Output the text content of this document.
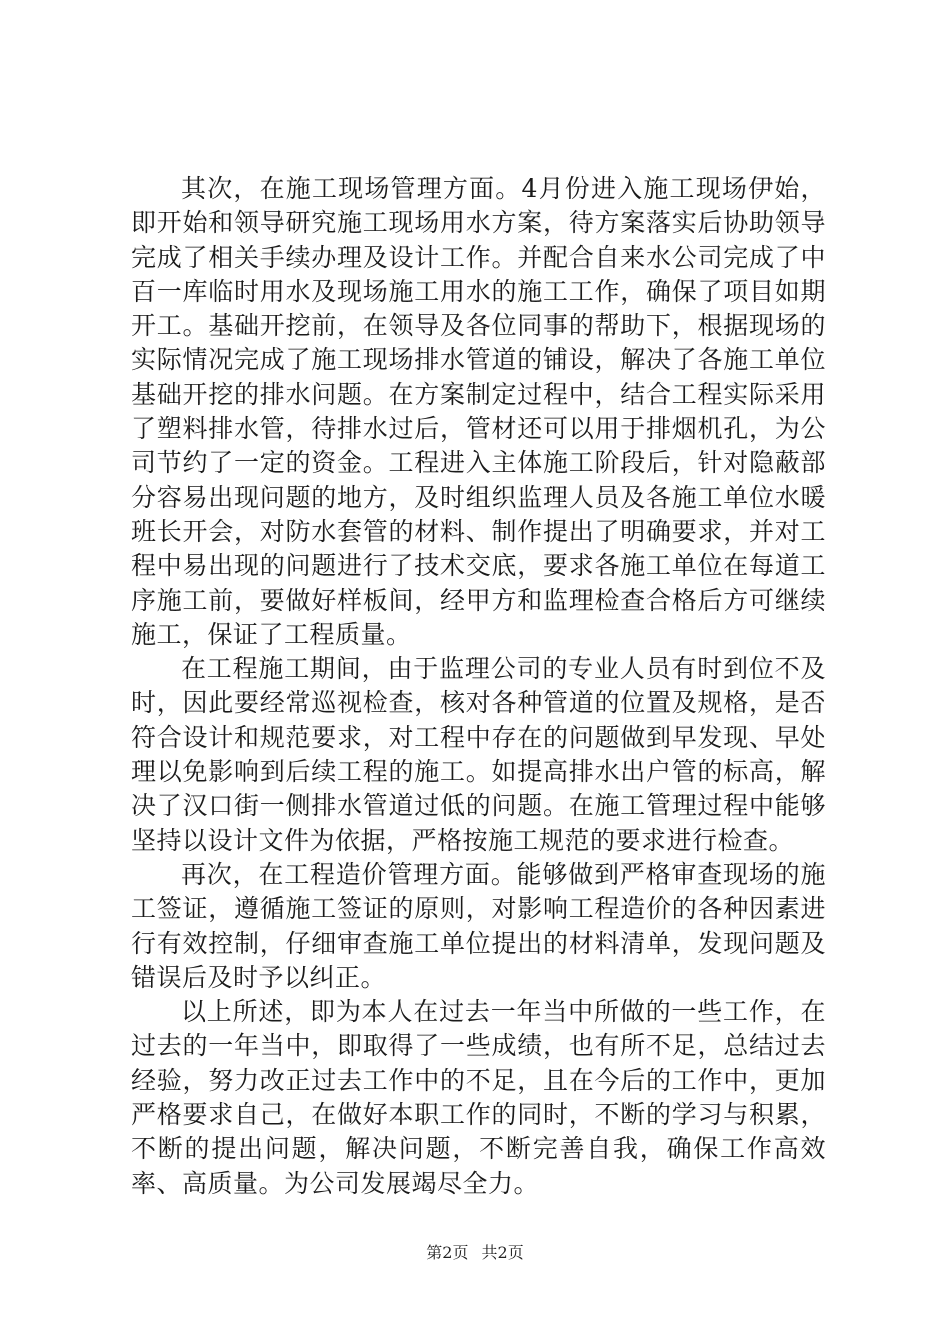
其次，在施工现场管理方面。4月份进入施工现场伊始，即开始和领导研究施工现场用水方案，待方案落实后协助领导完成了相关手续办理及设计工作。并配合自来水公司完成了中百一库临时用水及现场施工用水的施工工作，确保了项目如期开工。基础开挖前，在领导及各位同事的帮助下，根据现场的实际情况完成了施工现场排水管道的铺设，解决了各施工单位基础开挖的排水问题。在方案制定过程中，结合工程实际采用了塑料排水管，待排水过后，管材还可以用于排烟机孔，为公司节约了一定的资金。工程进入主体施工阶段后，针对隐蔽部分容易出现问题的地方，及时组织监理人员及各施工单位水暖班长开会，对防水套管的材料、制作提出了明确要求，并对工程中易出现的问题进行了技术交底，要求各施工单位在每道工序施工前，要做好样板间，经甲方和监理检查合格后方可继续施工，保证了工程质量。

在工程施工期间，由于监理公司的专业人员有时到位不及时，因此要经常巡视检查，核对各种管道的位置及规格，是否符合设计和规范要求，对工程中存在的问题做到早发现、早处理以免影响到后续工程的施工。如提高排水出户管的标高，解决了汉口街一侧排水管道过低的问题。在施工管理过程中能够坚持以设计文件为依据，严格按施工规范的要求进行检查。

再次，在工程造价管理方面。能够做到严格审查现场的施工签证，遵循施工签证的原则，对影响工程造价的各种因素进行有效控制，仔细审查施工单位提出的材料清单，发现问题及错误后及时予以纠正。

以上所述，即为本人在过去一年当中所做的一些工作，在过去的一年当中，即取得了一些成绩，也有所不足，总结过去经验，努力改正过去工作中的不足，且在今后的工作中，更加严格要求自己，在做好本职工作的同时，不断的学习与积累，不断的提出问题，解决问题，不断完善自我，确保工作高效率、高质量。为公司发展竭尽全力。

第2页 共2页
